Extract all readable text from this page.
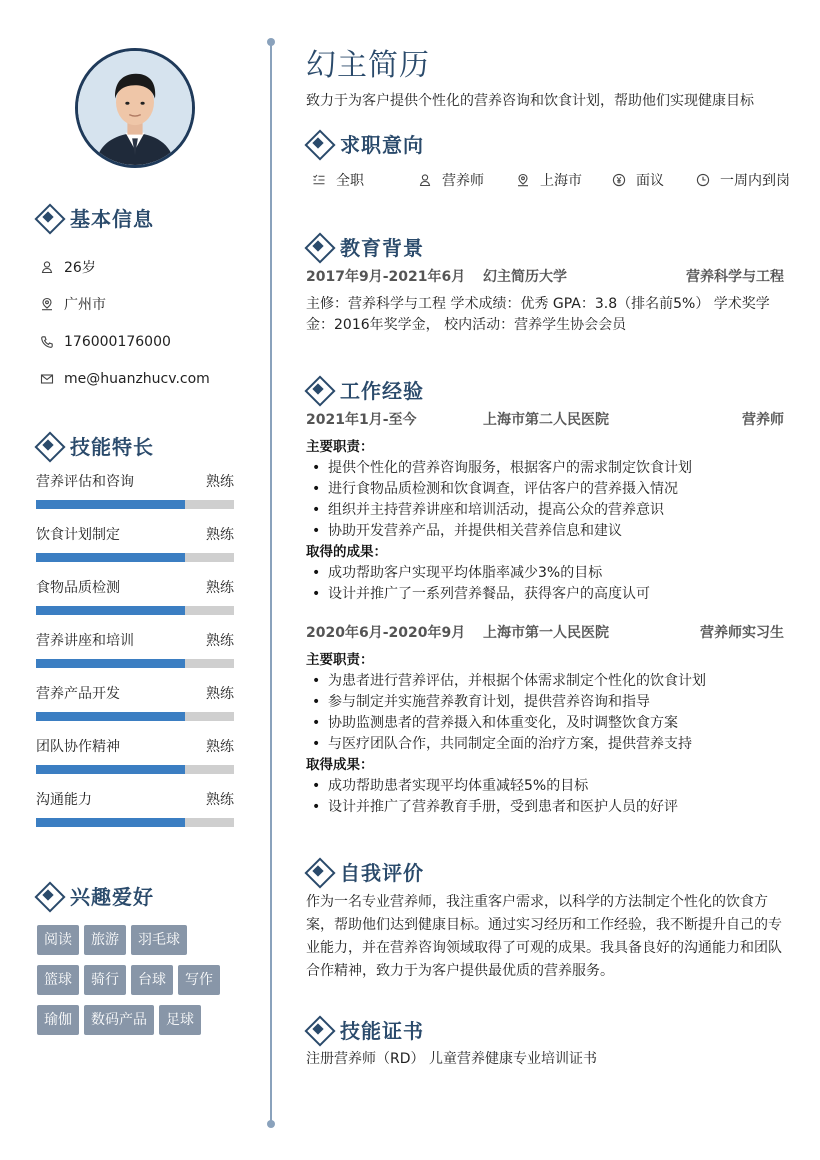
基本信息
26岁
广州市
176000176000
me@huanzhucv.com
技能特长
营养评估和咨询	熟练
饮食计划制定	熟练
食物品质检测	熟练
营养讲座和培训	熟练
营养产品开发	熟练
团队协作精神	熟练
沟通能力	熟练
兴趣爱好
阅读	旅游	羽毛球
篮球	骑行	台球	写作
瑜伽	数码产品	足球
幻主简历
致力于为客户提供个性化的营养咨询和饮食计划，帮助他们实现健康目标
求职意向
全职	营养师	上海市	面议	一周内到岗
教育背景
2017年9月-2021年6月	幻主简历大学	营养科学与工程
主修：营养科学与工程 学术成绩：优秀 GPA：3.8（排名前5%） 学术奖学金：2016年奖学金， 校内活动：营养学生协会会员
工作经验
2021年1月-至今	上海市第二人民医院	营养师
主要职责：
• 提供个性化的营养咨询服务，根据客户的需求制定饮食计划
• 进行食物品质检测和饮食调查，评估客户的营养摄入情况
• 组织并主持营养讲座和培训活动，提高公众的营养意识
• 协助开发营养产品，并提供相关营养信息和建议
取得的成果：
• 成功帮助客户实现平均体脂率减少3%的目标
• 设计并推广了一系列营养餐品，获得客户的高度认可
2020年6月-2020年9月	上海市第一人民医院	营养师实习生
主要职责：
• 为患者进行营养评估，并根据个体需求制定个性化的饮食计划
• 参与制定并实施营养教育计划，提供营养咨询和指导
• 协助监测患者的营养摄入和体重变化，及时调整饮食方案
• 与医疗团队合作，共同制定全面的治疗方案，提供营养支持
取得成果：
• 成功帮助患者实现平均体重减轻5%的目标
• 设计并推广了营养教育手册，受到患者和医护人员的好评
自我评价
作为一名专业营养师，我注重客户需求，以科学的方法制定个性化的饮食方案，帮助他们达到健康目标。通过实习经历和工作经验，我不断提升自己的专业能力，并在营养咨询领域取得了可观的成果。我具备良好的沟通能力和团队合作精神，致力于为客户提供最优质的营养服务。
技能证书
注册营养师（RD） 儿童营养健康专业培训证书
